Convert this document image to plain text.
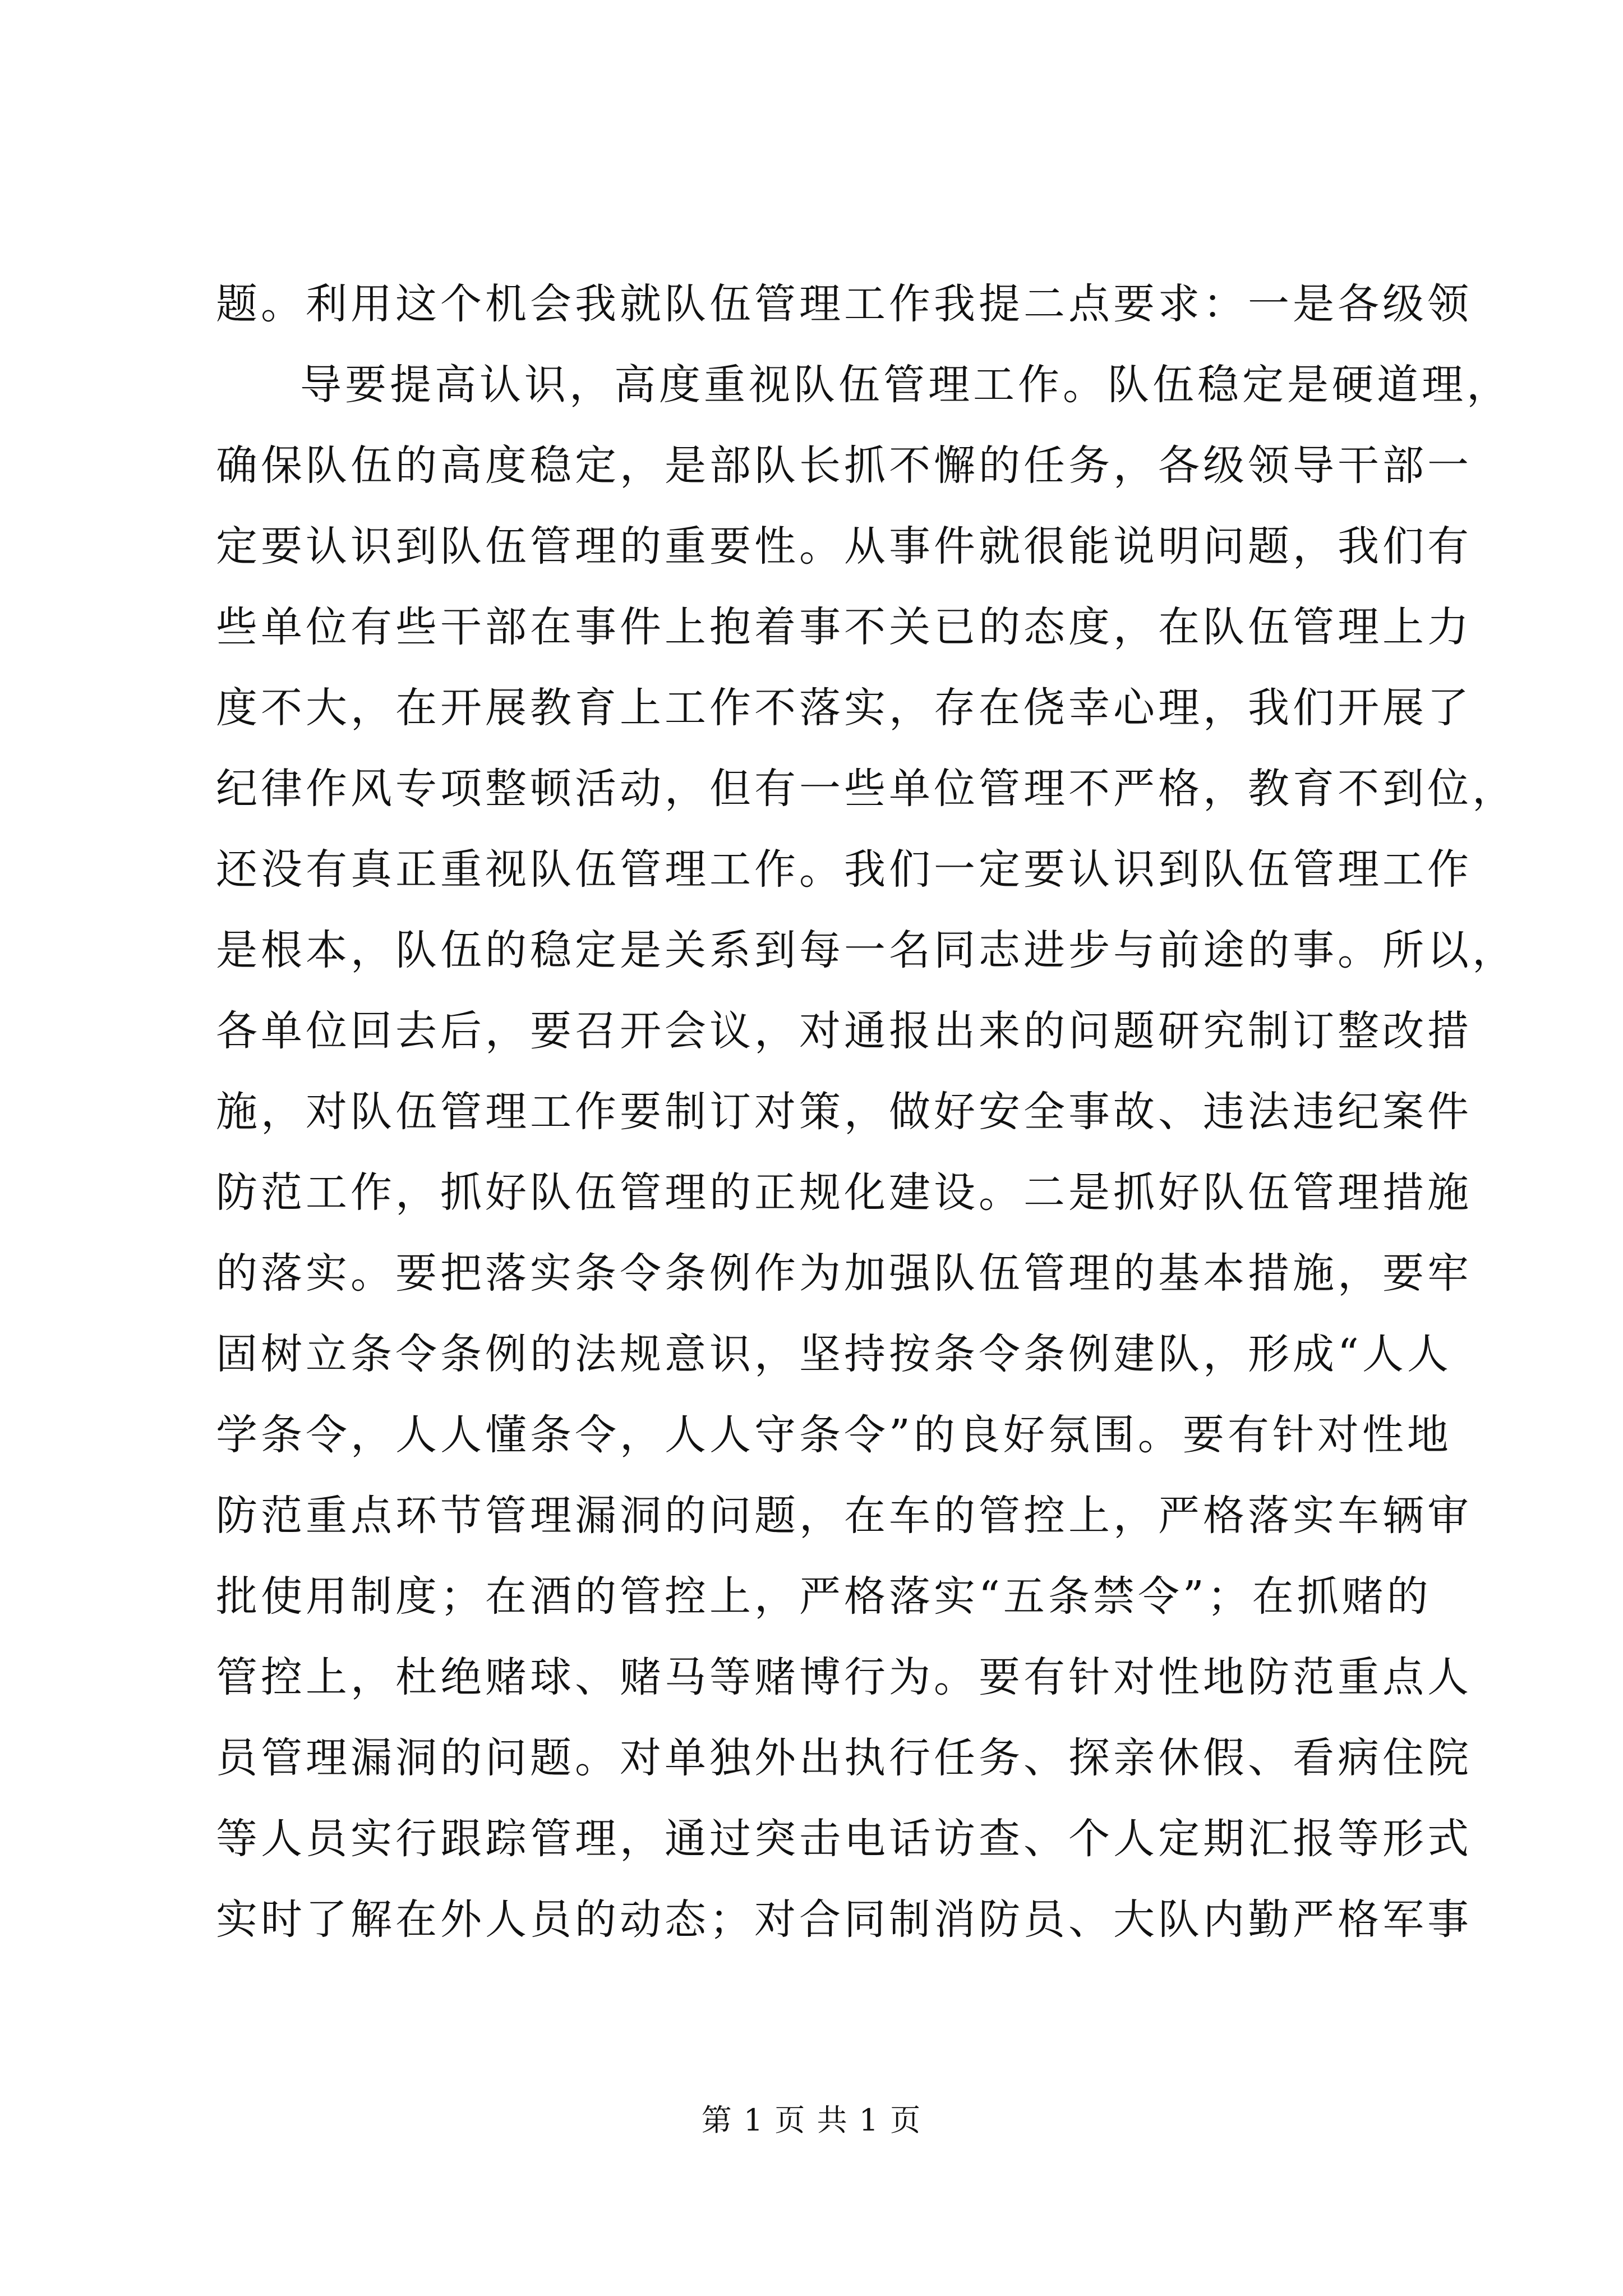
题。利用这个机会我就队伍管理工作我提二点要求：一是各级领
导要提高认识，高度重视队伍管理工作。队伍稳定是硬道理，
确保队伍的高度稳定，是部队长抓不懈的任务，各级领导干部一
定要认识到队伍管理的重要性。从事件就很能说明问题，我们有
些单位有些干部在事件上抱着事不关已的态度，在队伍管理上力
度不大，在开展教育上工作不落实，存在侥幸心理，我们开展了
纪律作风专项整顿活动，但有一些单位管理不严格，教育不到位，
还没有真正重视队伍管理工作。我们一定要认识到队伍管理工作
是根本，队伍的稳定是关系到每一名同志进步与前途的事。所以，
各单位回去后，要召开会议，对通报出来的问题研究制订整改措
施，对队伍管理工作要制订对策，做好安全事故、违法违纪案件
防范工作，抓好队伍管理的正规化建设。二是抓好队伍管理措施
的落实。要把落实条令条例作为加强队伍管理的基本措施，要牢
固树立条令条例的法规意识，坚持按条令条例建队，形成“人人
学条令，人人懂条令，人人守条令”的良好氛围。要有针对性地
防范重点环节管理漏洞的问题，在车的管控上，严格落实车辆审
批使用制度；在酒的管控上，严格落实“五条禁令”；在抓赌的
管控上，杜绝赌球、赌马等赌博行为。要有针对性地防范重点人
员管理漏洞的问题。对单独外出执行任务、探亲休假、看病住院
等人员实行跟踪管理，通过突击电话访查、个人定期汇报等形式
实时了解在外人员的动态；对合同制消防员、大队内勤严格军事
第 1 页 共 1 页
